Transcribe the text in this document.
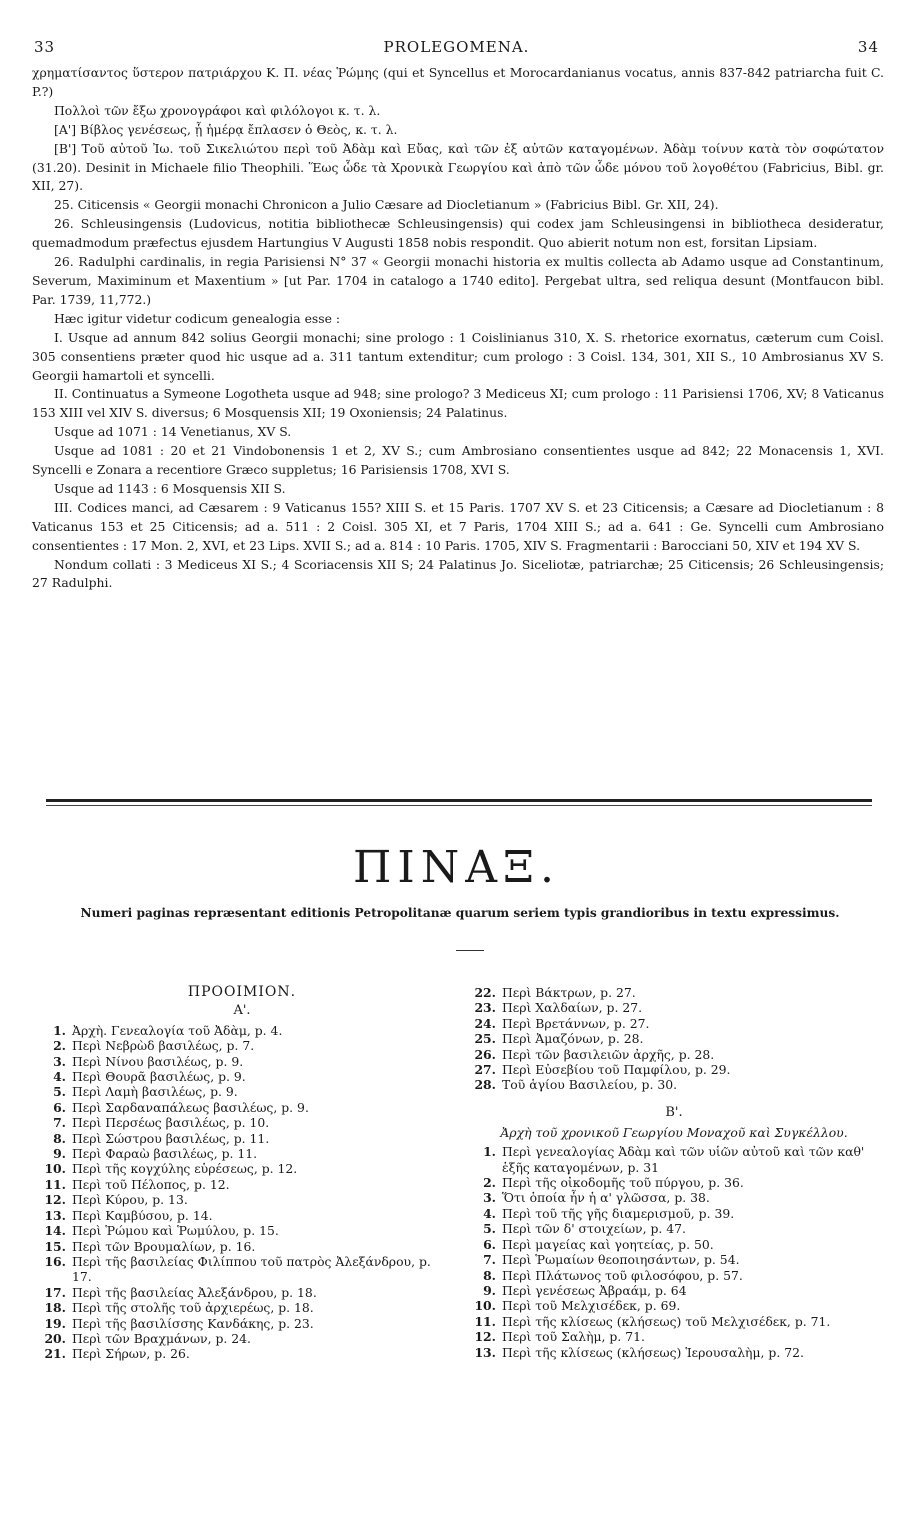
33	PROLEGOMENA.	34

χρηματίσαντος ὕστερον πατριάρχου K. Π. νέας Ῥώμης (qui et Syncellus et Morocardanianus vocatus, annis 837-842 patriarcha fuit C. P.?)

Πολλοὶ τῶν ἔξω χρονογράφοι καὶ φιλόλογοι κ. τ. λ.

[A'] Βίβλος γενέσεως, ᾗ ἡμέρᾳ ἔπλασεν ὁ Θεὸς, κ. τ. λ.

[B'] Τοῦ αὐτοῦ Ἰω. τοῦ Σικελιώτου περὶ τοῦ Ἀδὰμ καὶ Εὔας, καὶ τῶν ἐξ αὐτῶν καταγομένων. Ἀδὰμ τοίνυν κατὰ τὸν σοφώτατον (31.20). Desinit in Michaele filio Theophili. Ἕως ὧδε τὰ Χρονικὰ Γεωργίου καὶ ἀπὸ τῶν ὧδε μόνου τοῦ λογοθέτου (Fabricius, Bibl. gr. XII, 27).

25. Citicensis « Georgii monachi Chronicon a Julio Cæsare ad Diocletianum » (Fabricius Bibl. Gr. XII, 24).

26. Schleusingensis (Ludovicus, notitia bibliothecæ Schleusingensis) qui codex jam Schleusingensi in bibliotheca desideratur, quemadmodum præfectus ejusdem Hartungius V Augusti 1858 nobis respondit. Quo abierit notum non est, forsitan Lipsiam.

26. Radulphi cardinalis, in regia Parisiensi N° 37 « Georgii monachi historia ex multis collecta ab Adamo usque ad Constantinum, Severum, Maximinum et Maxentium » [ut Par. 1704 in catalogo a 1740 edito]. Pergebat ultra, sed reliqua desunt (Montfaucon bibl. Par. 1739, 11,772.)

Hæc igitur videtur codicum genealogia esse :

I. Usque ad annum 842 solius Georgii monachi; sine prologo : 1 Coislinianus 310, X. S. rhetorice exornatus, cæterum cum Coisl. 305 consentiens præter quod hic usque ad a. 311 tantum extenditur; cum prologo : 3 Coisl. 134, 301, XII S., 10 Ambrosianus XV S. Georgii hamartoli et syncelli.

II. Continuatus a Symeone Logotheta usque ad 948; sine prologo? 3 Mediceus XI; cum prologo : 11 Parisiensi 1706, XV; 8 Vaticanus 153 XIII vel XIV S. diversus; 6 Mosquensis XII; 19 Oxoniensis; 24 Palatinus.

Usque ad 1071 : 14 Venetianus, XV S.

Usque ad 1081 : 20 et 21 Vindobonensis 1 et 2, XV S.; cum Ambrosiano consentientes usque ad 842; 22 Monacensis 1, XVI. Syncelli e Zonara a recentiore Græco suppletus; 16 Parisiensis 1708, XVI S.

Usque ad 1143 : 6 Mosquensis XII S.

III. Codices manci, ad Cæsarem : 9 Vaticanus 155? XIII S. et 15 Paris. 1707 XV S. et 23 Citicensis; a Cæsare ad Diocletianum : 8 Vaticanus 153 et 25 Citicensis; ad a. 511 : 2 Coisl. 305 XI, et 7 Paris, 1704 XIII S.; ad a. 641 : Ge. Syncelli cum Ambrosiano consentientes : 17 Mon. 2, XVI, et 23 Lips. XVII S.; ad a. 814 : 10 Paris. 1705, XIV S. Fragmentarii : Barocciani 50, XIV et 194 XV S.

Nondum collati : 3 Mediceus XI S.; 4 Scoriacensis XII S; 24 Palatinus Jo. Siceliotæ, patriarchæ; 25 Citicensis; 26 Schleusingensis; 27 Radulphi.

ΠΙΝΑΞ.
Numeri paginas repræsentant editionis Petropolitanæ quarum seriem typis grandioribus in textu expressimus.
ΠΡΟΟΙΜΙΟΝ.
A'.
1. Ἀρχὴ. Γενεαλογία τοῦ Ἀδὰμ, p. 4.
2. Περὶ Νεβρὼδ βασιλέως, p. 7.
3. Περὶ Νίνου βασιλέως, p. 9.
4. Περὶ Θουρᾶ βασιλέως, p. 9.
5. Περὶ Λαμὴ βασιλέως, p. 9.
6. Περὶ Σαρδαναπάλεως βασιλέως, p. 9.
7. Περὶ Περσέως βασιλέως, p. 10.
8. Περὶ Σώστρου βασιλέως, p. 11.
9. Περὶ Φαραὼ βασιλέως, p. 11.
10. Περὶ τῆς κογχύλης εὑρέσεως, p. 12.
11. Περὶ τοῦ Πέλοπος, p. 12.
12. Περὶ Κύρου, p. 13.
13. Περὶ Καμβύσου, p. 14.
14. Περὶ Ῥώμου καὶ Ῥωμύλου, p. 15.
15. Περὶ τῶν Βρουμαλίων, p. 16.
16. Περὶ τῆς βασιλείας Φιλίππου τοῦ πατρὸς Ἀλεξάνδρου, p. 17.
17. Περὶ τῆς βασιλείας Ἀλεξάνδρου, p. 18.
18. Περὶ τῆς στολῆς τοῦ ἀρχιερέως, p. 18.
19. Περὶ τῆς βασιλίσσης Κανδάκης, p. 23.
20. Περὶ τῶν Βραχμάνων, p. 24.
21. Περὶ Σήρων, p. 26.
22. Περὶ Βάκτρων, p. 27.
23. Περὶ Χαλδαίων, p. 27.
24. Περὶ Βρετάννων, p. 27.
25. Περὶ Ἀμαζόνων, p. 28.
26. Περὶ τῶν βασιλειῶν ἀρχῆς, p. 28.
27. Περὶ Εὐσεβίου τοῦ Παμφίλου, p. 29.
28. Τοῦ ἁγίου Βασιλείου, p. 30.
B'.
Ἀρχὴ τοῦ χρονικοῦ Γεωργίου Μοναχοῦ καὶ Συγκέλλου.
1. Περὶ γενεαλογίας Ἀδὰμ καὶ τῶν υἱῶν αὐτοῦ καὶ τῶν καθ' ἑξῆς καταγομένων, p. 31
2. Περὶ τῆς οἰκοδομῆς τοῦ πύργου, p. 36.
3. Ὅτι ὁποία ἦν ἡ α' γλῶσσα, p. 38.
4. Περὶ τοῦ τῆς γῆς διαμερισμοῦ, p. 39.
5. Περὶ τῶν δ' στοιχείων, p. 47.
6. Περὶ μαγείας καὶ γοητείας, p. 50.
7. Περὶ Ῥωμαίων θεοποιησάντων, p. 54.
8. Περὶ Πλάτωνος τοῦ φιλοσόφου, p. 57.
9. Περὶ γενέσεως Ἀβραάμ, p. 64
10. Περὶ τοῦ Μελχισέδεκ, p. 69.
11. Περὶ τῆς κλίσεως (κλήσεως) τοῦ Μελχισέδεκ, p. 71.
12. Περὶ τοῦ Σαλὴμ, p. 71.
13. Περὶ τῆς κλίσεως (κλήσεως) Ἱερουσαλὴμ, p. 72.
